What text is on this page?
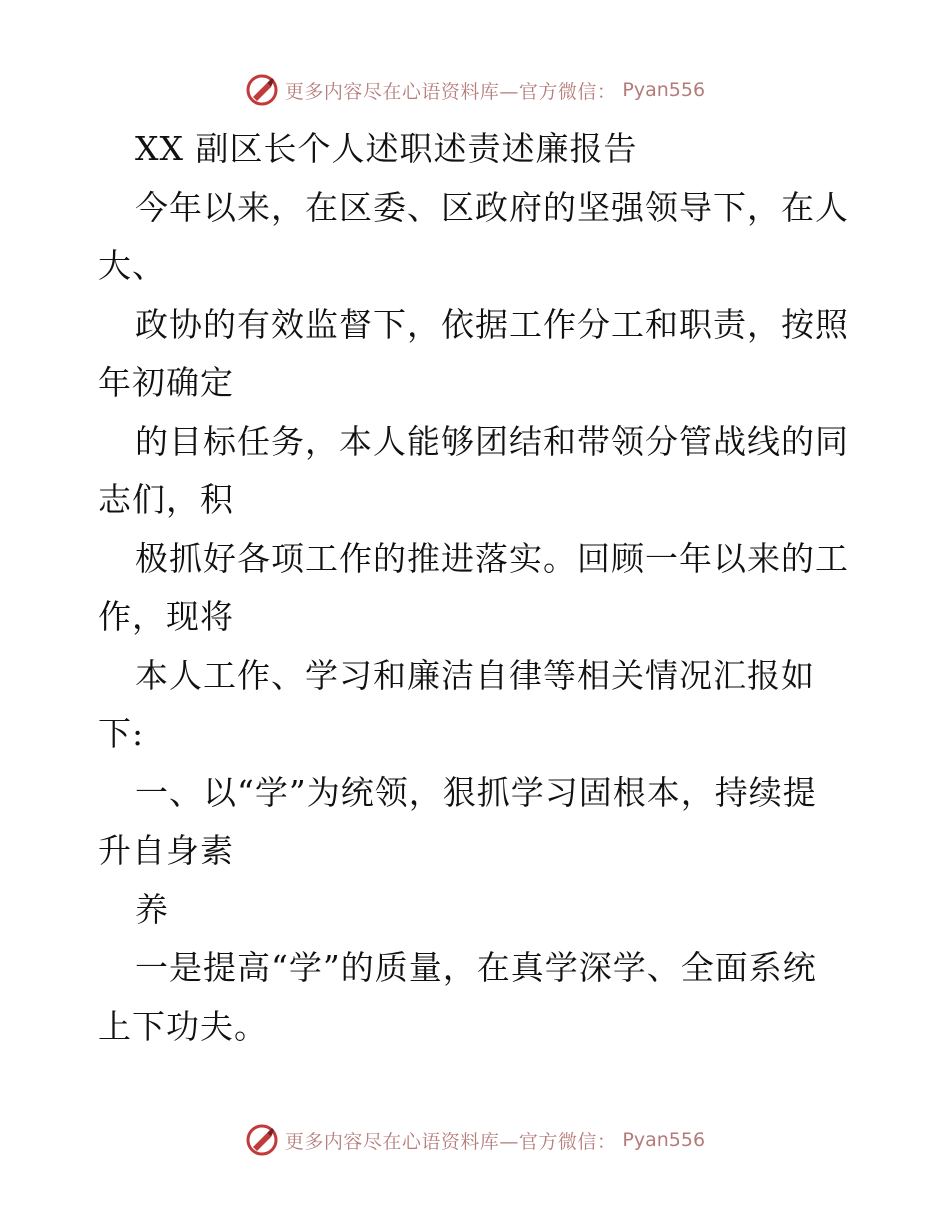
更多内容尽在心语资料库—官方微信： Pyan556
XX 副区长个人述职述责述廉报告
今年以来，在区委、区政府的坚强领导下，在人
大、
政协的有效监督下，依据工作分工和职责，按照
年初确定
的目标任务，本人能够团结和带领分管战线的同
志们，积
极抓好各项工作的推进落实。回顾一年以来的工
作，现将
本人工作、学习和廉洁自律等相关情况汇报如
下:
一、以“学”为统领，狠抓学习固根本，持续提
升自身素
养
一是提高“学”的质量，在真学深学、全面系统
上下功夫。
更多内容尽在心语资料库—官方微信： Pyan556
